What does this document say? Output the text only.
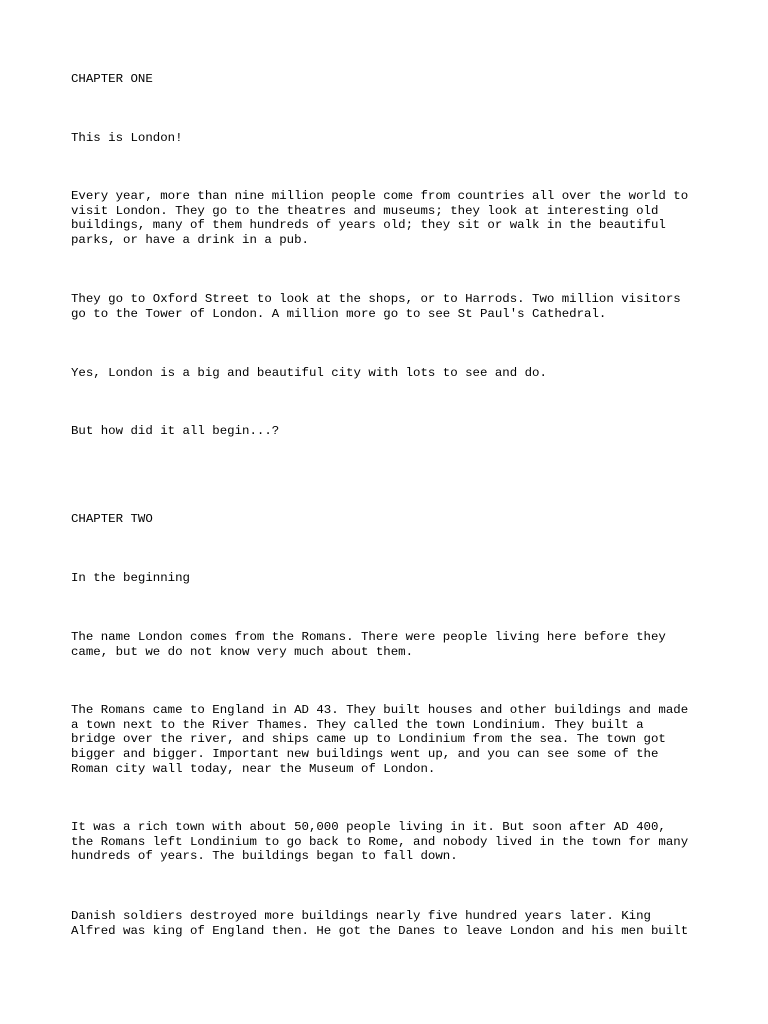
CHAPTER ONE

This is London!

Every year, more than nine million people come from countries all over the world to
visit London. They go to the theatres and museums; they look at interesting old
buildings, many of them hundreds of years old; they sit or walk in the beautiful
parks, or have a drink in a pub.

They go to Oxford Street to look at the shops, or to Harrods. Two million visitors
go to the Tower of London. A million more go to see St Paul's Cathedral.

Yes, London is a big and beautiful city with lots to see and do.

But how did it all begin...?

CHAPTER TWO

In the beginning

The name London comes from the Romans. There were people living here before they
came, but we do not know very much about them.

The Romans came to England in AD 43. They built houses and other buildings and made
a town next to the River Thames. They called the town Londinium. They built a
bridge over the river, and ships came up to Londinium from the sea. The town got
bigger and bigger. Important new buildings went up, and you can see some of the
Roman city wall today, near the Museum of London.

It was a rich town with about 50,000 people living in it. But soon after AD 400,
the Romans left Londinium to go back to Rome, and nobody lived in the town for many
hundreds of years. The buildings began to fall down.

Danish soldiers destroyed more buildings nearly five hundred years later. King
Alfred was king of England then. He got the Danes to leave London and his men built
